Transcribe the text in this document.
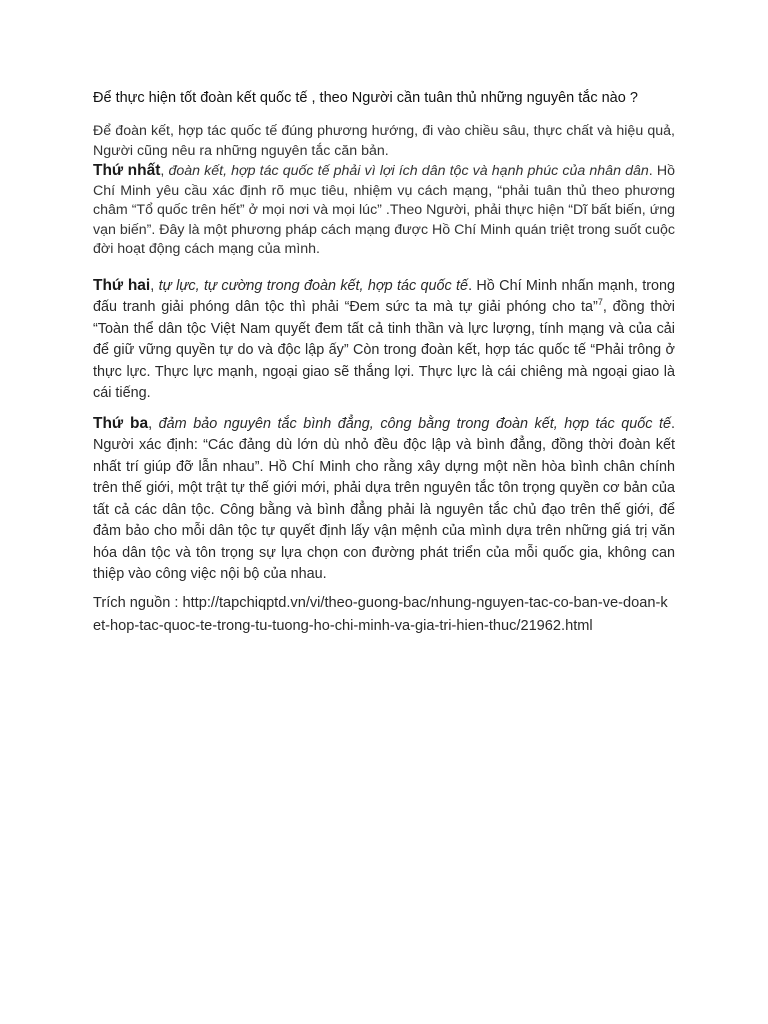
Để thực hiện tốt đoàn kết quốc tế , theo Người cần tuân thủ những nguyên tắc nào ?

Để đoàn kết, hợp tác quốc tế đúng phương hướng, đi vào chiều sâu, thực chất và hiệu quả, Người cũng nêu ra những nguyên tắc căn bản.

Thứ nhất, đoàn kết, hợp tác quốc tế phải vì lợi ích dân tộc và hạnh phúc của nhân dân. Hồ Chí Minh yêu cầu xác định rõ mục tiêu, nhiệm vụ cách mạng, “phải tuân thủ theo phương châm “Tổ quốc trên hết” ở mọi nơi và mọi lúc” .Theo Người, phải thực hiện “Dĩ bất biến, ứng vạn biến”. Đây là một phương pháp cách mạng được Hồ Chí Minh quán triệt trong suốt cuộc đời hoạt động cách mạng của mình.

Thứ hai, tự lực, tự cường trong đoàn kết, hợp tác quốc tế. Hồ Chí Minh nhấn mạnh, trong đấu tranh giải phóng dân tộc thì phải “Đem sức ta mà tự giải phóng cho ta”$^7$, đồng thời “Toàn thể dân tộc Việt Nam quyết đem tất cả tinh thần và lực lượng, tính mạng và của cải để giữ vững quyền tự do và độc lập ấy” Còn trong đoàn kết, hợp tác quốc tế “Phải trông ở thực lực. Thực lực mạnh, ngoại giao sẽ thắng lợi. Thực lực là cái chiêng mà ngoại giao là cái tiếng.

Thứ ba, đảm bảo nguyên tắc bình đẳng, công bằng trong đoàn kết, hợp tác quốc tế. Người xác định: “Các đảng dù lớn dù nhỏ đều độc lập và bình đẳng, đồng thời đoàn kết nhất trí giúp đỡ lẫn nhau”. Hồ Chí Minh cho rằng xây dựng một nền hòa bình chân chính trên thế giới, một trật tự thế giới mới, phải dựa trên nguyên tắc tôn trọng quyền cơ bản của tất cả các dân tộc. Công bằng và bình đẳng phải là nguyên tắc chủ đạo trên thế giới, để đảm bảo cho mỗi dân tộc tự quyết định lấy vận mệnh của mình dựa trên những giá trị văn hóa dân tộc và tôn trọng sự lựa chọn con đường phát triển của mỗi quốc gia, không can thiệp vào công việc nội bộ của nhau.

Trích nguồn : http://tapchiqptd.vn/vi/theo-guong-bac/nhung-nguyen-tac-co-ban-ve-doan-ket-hop-tac-quoc-te-trong-tu-tuong-ho-chi-minh-va-gia-tri-hien-thuc/21962.html
